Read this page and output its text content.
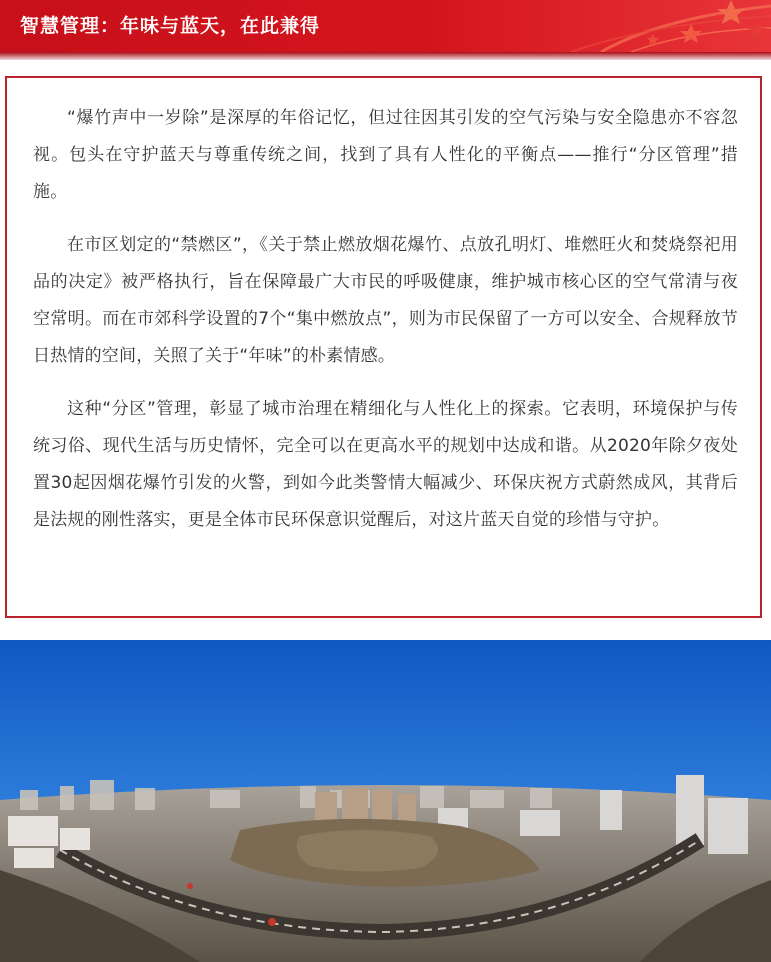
智慧管理：年味与蓝天，在此兼得

“爆竹声中一岁除”是深厚的年俗记忆，但过往因其引发的空气污染与安全隐患亦不容忽视。包头在守护蓝天与尊重传统之间，找到了具有人性化的平衡点——推行“分区管理”措施。

在市区划定的“禁燃区”，《关于禁止燃放烟花爆竹、点放孔明灯、堆燃旺火和焚烧祭祀用品的决定》被严格执行，旨在保障最广大市民的呼吸健康，维护城市核心区的空气常清与夜空常明。而在市郊科学设置的7个“集中燃放点”，则为市民保留了一方可以安全、合规释放节日热情的空间，关照了关于“年味”的朴素情感。

这种“分区”管理，彰显了城市治理在精细化与人性化上的探索。它表明，环境保护与传统习俗、现代生活与历史情怀，完全可以在更高水平的规划中达成和谐。从2020年除夕夜处置30起因烟花爆竹引发的火警，到如今此类警情大幅减少、环保庆祝方式蔚然成风，其背后是法规的刚性落实，更是全体市民环保意识觉醒后，对这片蓝天自觉的珍惜与守护。
